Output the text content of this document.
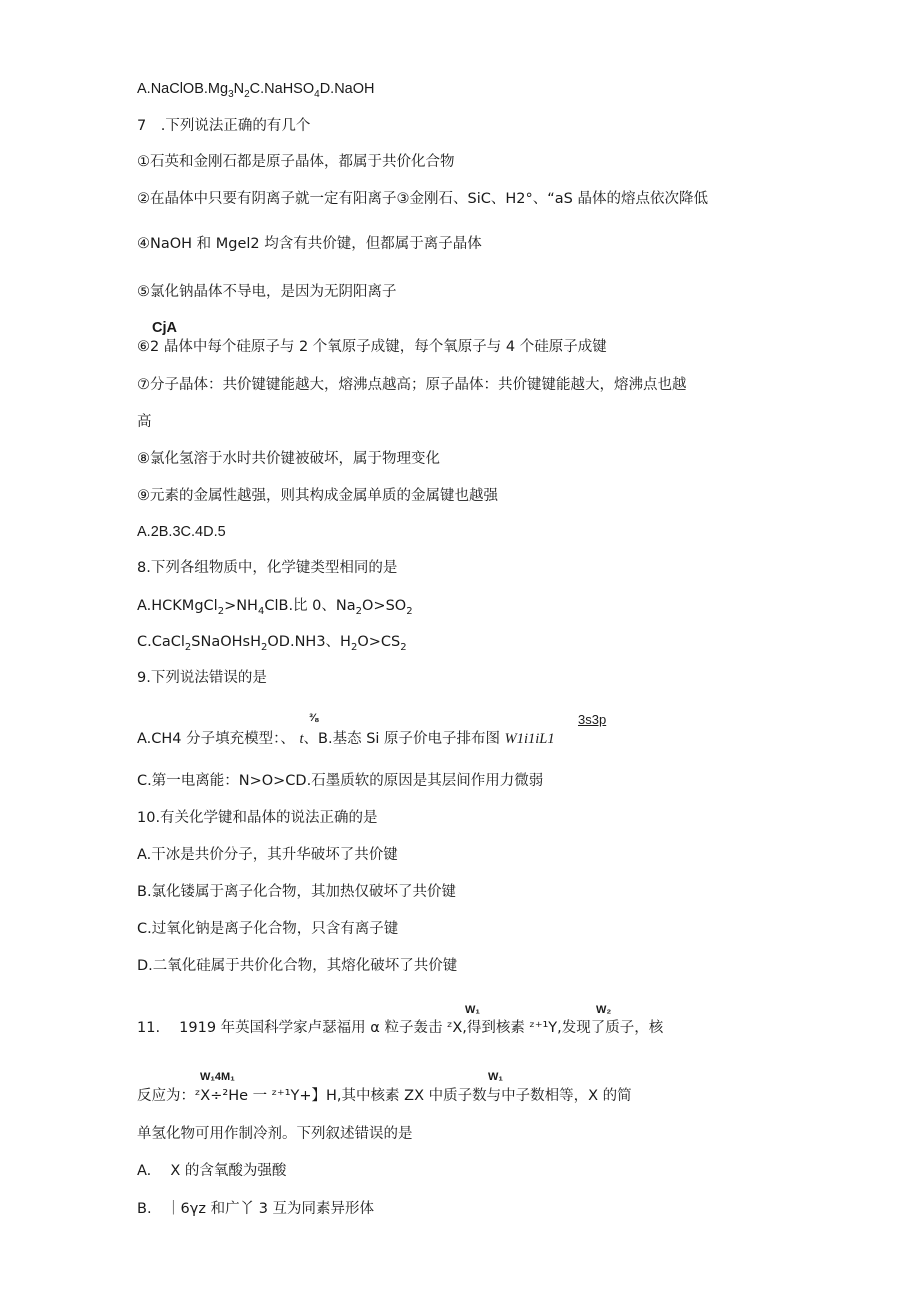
$A.NaClOB.Mg_3N_2C.NaHSO_4D.NaOH$
7　.下列说法正确的有几个
①石英和金刚石都是原子晶体，都属于共价化合物
②在晶体中只要有阴离子就一定有阳离子③金刚石、SiC、H2°、“aS 晶体的熔点依次降低
④NaOH 和 Mgel2 均含有共价键，但都属于离子晶体
⑤氯化钠晶体不导电，是因为无阴阳离子
CjA
⑥2 晶体中每个硅原子与 2 个氧原子成键，每个氧原子与 4 个硅原子成键
⑦分子晶体：共价键键能越大，熔沸点越高；原子晶体：共价键键能越大，熔沸点也越
高
⑧氯化氢溶于水时共价键被破坏，属于物理变化
⑨元素的金属性越强，则其构成金属单质的金属键也越强
A.2B.3C.4D.5
8.下列各组物质中，化学键类型相同的是
$A.HCKMgCl_2>NH_4ClB$.比 0、$Na_2O>SO_2$
C.CaCl$_2$SNaOHsH$_2$OD.NH3、$H_2O>CS_2$
9.下列说法错误的是
⅜	3s3p
A.CH4 分子填充模型：、 t、B.基态 Si 原子价电子排布图 W1i1iL1
C.第一电离能：N>O>CD.石墨质软的原因是其层间作用力微弱
10.有关化学键和晶体的说法正确的是
A.干冰是共价分子，其升华破坏了共价键
B.氯化镂属于离子化合物，其加热仅破坏了共价键
C.过氧化钠是离子化合物，只含有离子键
D.二氧化硅属于共价化合物，其熔化破坏了共价键
W₁	W₂
11.　 1919 年英国科学家卢瑟福用 α 粒子轰击 ᶻX,得到核素 ᶻ⁺¹Y,发现了质子，核
W₁4M₁	W₁
反应为：ᶻX÷²He 一 ᶻ⁺¹Y+】H,其中核素 ZX 中质子数与中子数相等，X 的简
单氢化物可用作制冷剂。下列叙述错误的是
A.　 X 的含氧酸为强酸
B.　｜6γz 和广丫 3 互为同素异形体
